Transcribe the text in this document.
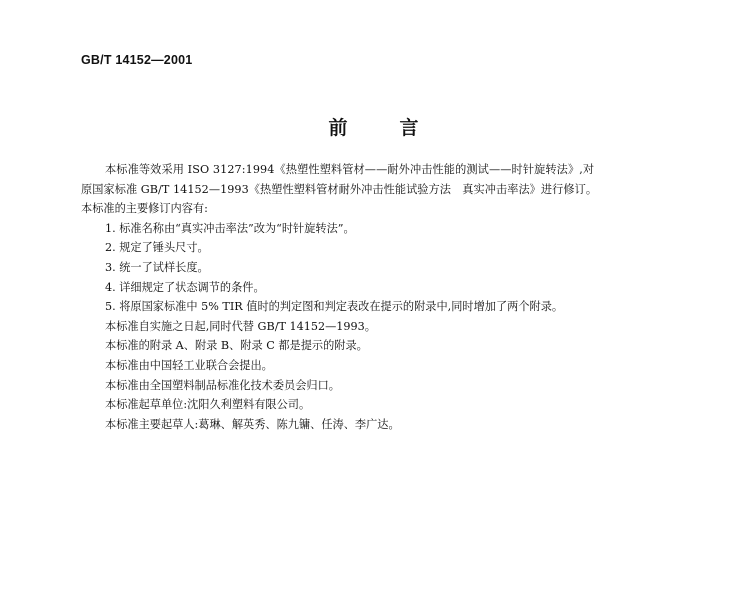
GB/T 14152—2001
前言
本标准等效采用 ISO 3127:1994《热塑性塑料管材——耐外冲击性能的测试——时针旋转法》,对
原国家标准 GB/T 14152—1993《热塑性塑料管材耐外冲击性能试验方法　真实冲击率法》进行修订。
本标准的主要修订内容有:
1. 标准名称由“真实冲击率法”改为“时针旋转法”。
2. 规定了锤头尺寸。
3. 统一了试样长度。
4. 详细规定了状态调节的条件。
5. 将原国家标准中 5% TIR 值时的判定图和判定表改在提示的附录中,同时增加了两个附录。
本标准自实施之日起,同时代替 GB/T 14152—1993。
本标准的附录 A、附录 B、附录 C 都是提示的附录。
本标准由中国轻工业联合会提出。
本标准由全国塑料制品标准化技术委员会归口。
本标准起草单位:沈阳久利塑料有限公司。
本标准主要起草人:葛琳、解英秀、陈九镛、任涛、李广达。
